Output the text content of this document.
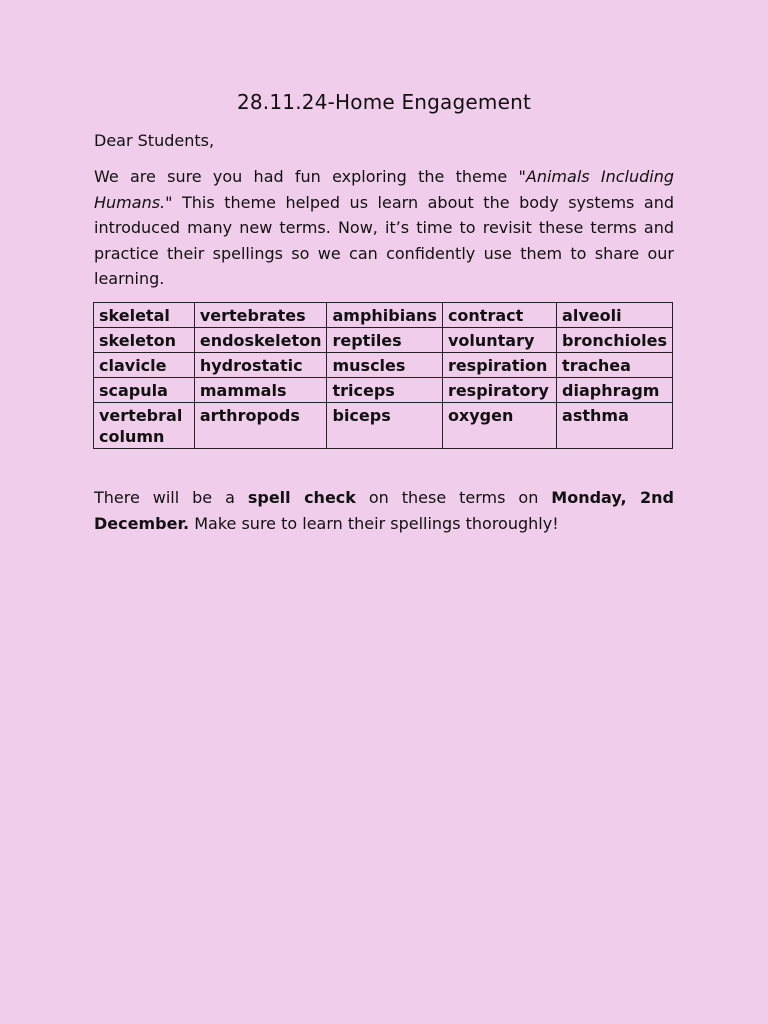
28.11.24-Home Engagement

Dear Students,

We are sure you had fun exploring the theme "Animals Including Humans." This theme helped us learn about the body systems and introduced many new terms. Now, it’s time to revisit these terms and practice their spellings so we can confidently use them to share our learning.

skeletal	vertebrates	amphibians	contract	alveoli
skeleton	endoskeleton	reptiles	voluntary	bronchioles
clavicle	hydrostatic	muscles	respiration	trachea
scapula	mammals	triceps	respiratory	diaphragm
vertebral column	arthropods	biceps	oxygen	asthma

There will be a spell check on these terms on Monday, 2nd December. Make sure to learn their spellings thoroughly!
